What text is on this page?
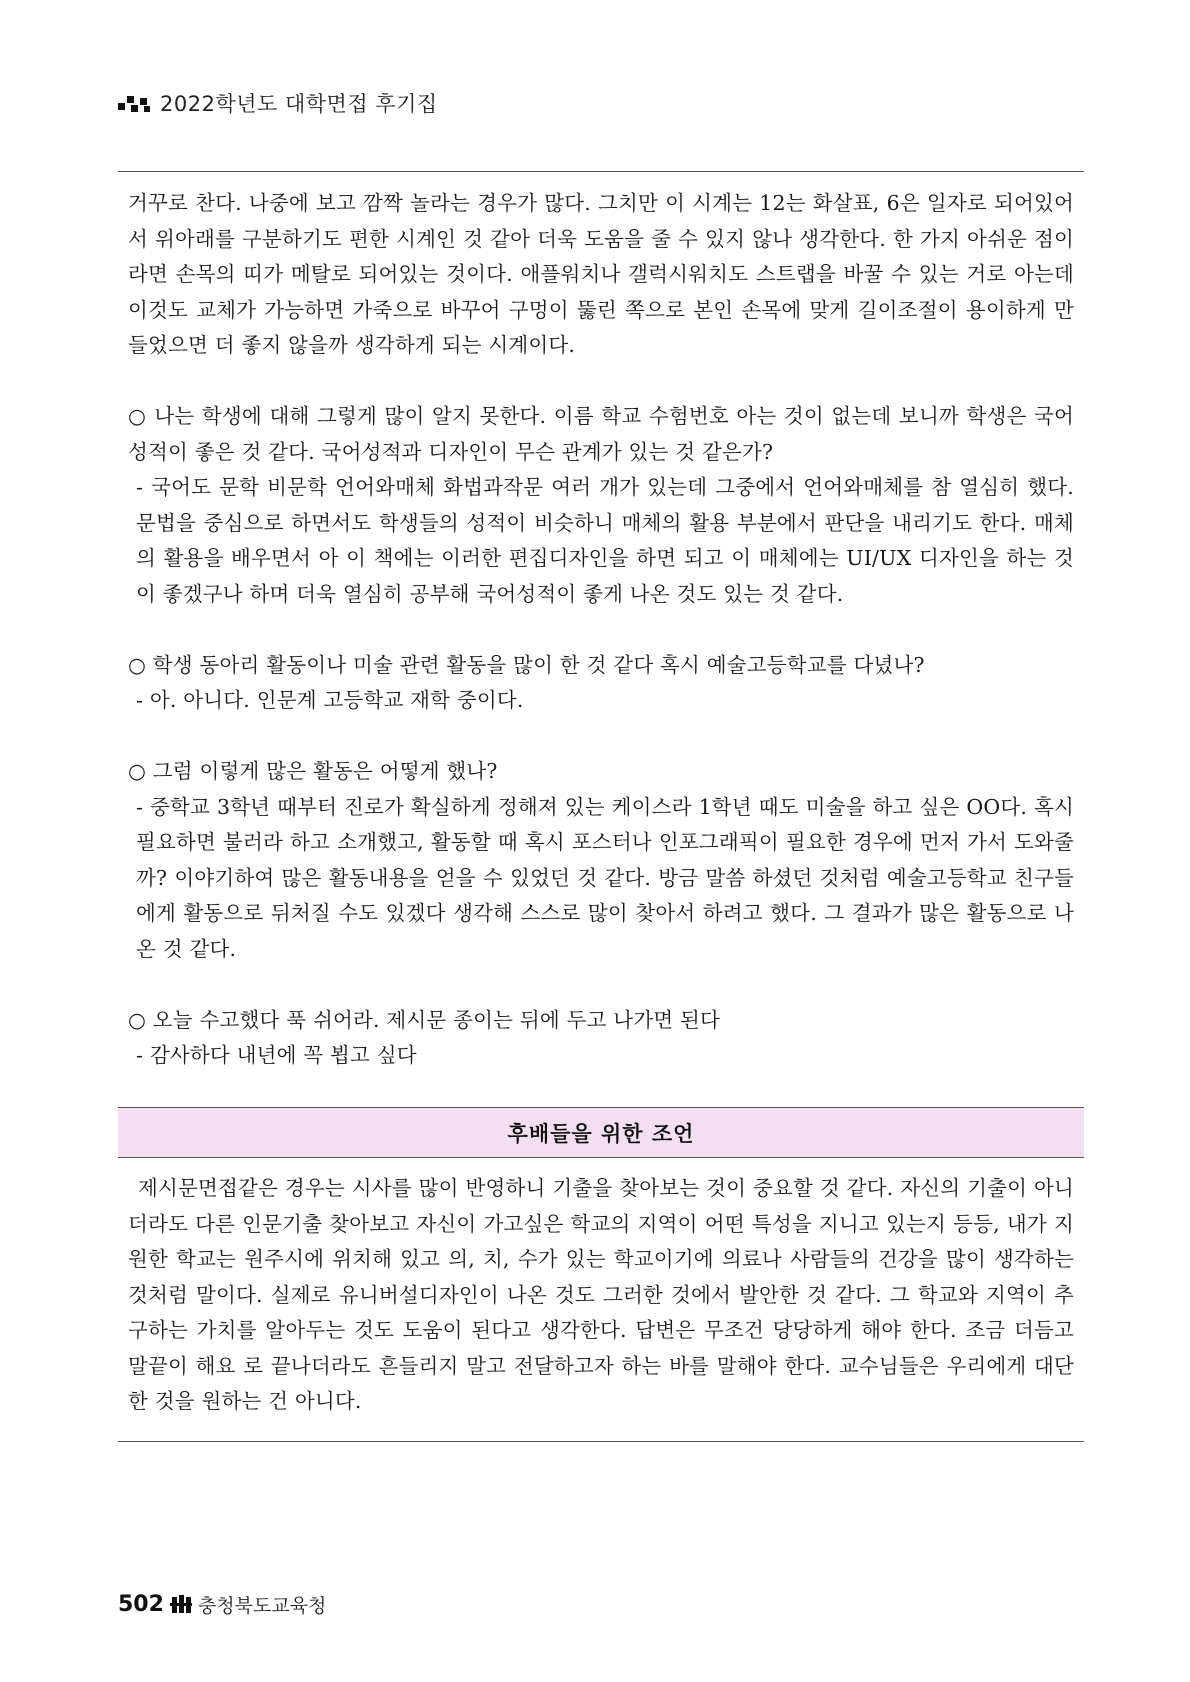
2022학년도 대학면접 후기집

거꾸로 찬다. 나중에 보고 깜짝 놀라는 경우가 많다. 그치만 이 시계는 12는 화살표, 6은 일자로 되어있어서 위아래를 구분하기도 편한 시계인 것 같아 더욱 도움을 줄 수 있지 않나 생각한다. 한 가지 아쉬운 점이라면 손목의 띠가 메탈로 되어있는 것이다. 애플워치나 갤럭시워치도 스트랩을 바꿀 수 있는 거로 아는데 이것도 교체가 가능하면 가죽으로 바꾸어 구멍이 뚫린 쪽으로 본인 손목에 맞게 길이조절이 용이하게 만들었으면 더 좋지 않을까 생각하게 되는 시계이다.

○ 나는 학생에 대해 그렇게 많이 알지 못한다. 이름 학교 수험번호 아는 것이 없는데 보니까 학생은 국어성적이 좋은 것 같다. 국어성적과 디자인이 무슨 관계가 있는 것 같은가?

- 국어도 문학 비문학 언어와매체 화법과작문 여러 개가 있는데 그중에서 언어와매체를 참 열심히 했다. 문법을 중심으로 하면서도 학생들의 성적이 비슷하니 매체의 활용 부분에서 판단을 내리기도 한다. 매체의 활용을 배우면서 아 이 책에는 이러한 편집디자인을 하면 되고 이 매체에는 UI/UX 디자인을 하는 것이 좋겠구나 하며 더욱 열심히 공부해 국어성적이 좋게 나온 것도 있는 것 같다.

○ 학생 동아리 활동이나 미술 관련 활동을 많이 한 것 같다 혹시 예술고등학교를 다녔나?

- 아. 아니다. 인문계 고등학교 재학 중이다.

○ 그럼 이렇게 많은 활동은 어떻게 했나?

- 중학교 3학년 때부터 진로가 확실하게 정해져 있는 케이스라 1학년 때도 미술을 하고 싶은 OO다. 혹시 필요하면 불러라 하고 소개했고, 활동할 때 혹시 포스터나 인포그래픽이 필요한 경우에 먼저 가서 도와줄까? 이야기하여 많은 활동내용을 얻을 수 있었던 것 같다. 방금 말씀 하셨던 것처럼 예술고등학교 친구들에게 활동으로 뒤처질 수도 있겠다 생각해 스스로 많이 찾아서 하려고 했다. 그 결과가 많은 활동으로 나온 것 같다.

○ 오늘 수고했다 푹 쉬어라. 제시문 종이는 뒤에 두고 나가면 된다

- 감사하다 내년에 꼭 뵙고 싶다

후배들을 위한 조언

제시문면접같은 경우는 시사를 많이 반영하니 기출을 찾아보는 것이 중요할 것 같다. 자신의 기출이 아니더라도 다른 인문기출 찾아보고 자신이 가고싶은 학교의 지역이 어떤 특성을 지니고 있는지 등등, 내가 지원한 학교는 원주시에 위치해 있고 의, 치, 수가 있는 학교이기에 의료나 사람들의 건강을 많이 생각하는 것처럼 말이다. 실제로 유니버설디자인이 나온 것도 그러한 것에서 발안한 것 같다. 그 학교와 지역이 추구하는 가치를 알아두는 것도 도움이 된다고 생각한다. 답변은 무조건 당당하게 해야 한다. 조금 더듬고 말끝이 해요 로 끝나더라도 흔들리지 말고 전달하고자 하는 바를 말해야 한다. 교수님들은 우리에게 대단한 것을 원하는 건 아니다.

502 충청북도교육청
